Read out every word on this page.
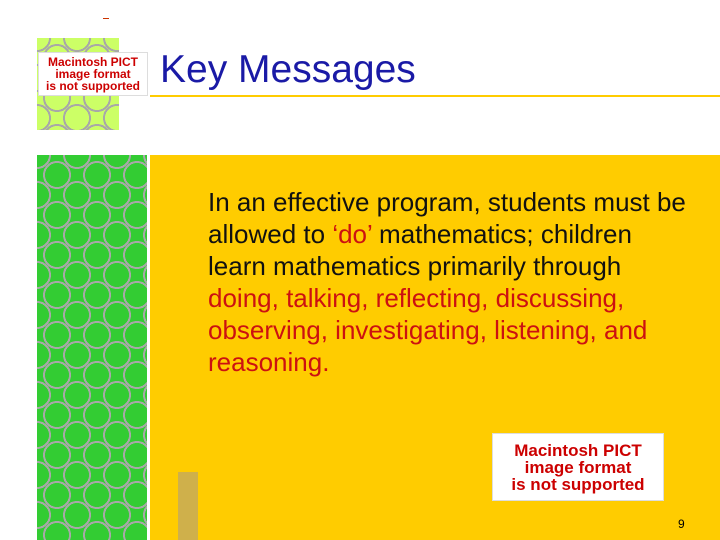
Macintosh PICT
image format
is not supported Key Messages

In an effective program, students must be allowed to ‘do’ mathematics; children learn mathematics primarily through doing, talking, reflecting, discussing, observing, investigating, listening, and reasoning.

Macintosh PICT
image format
is not supported
9
